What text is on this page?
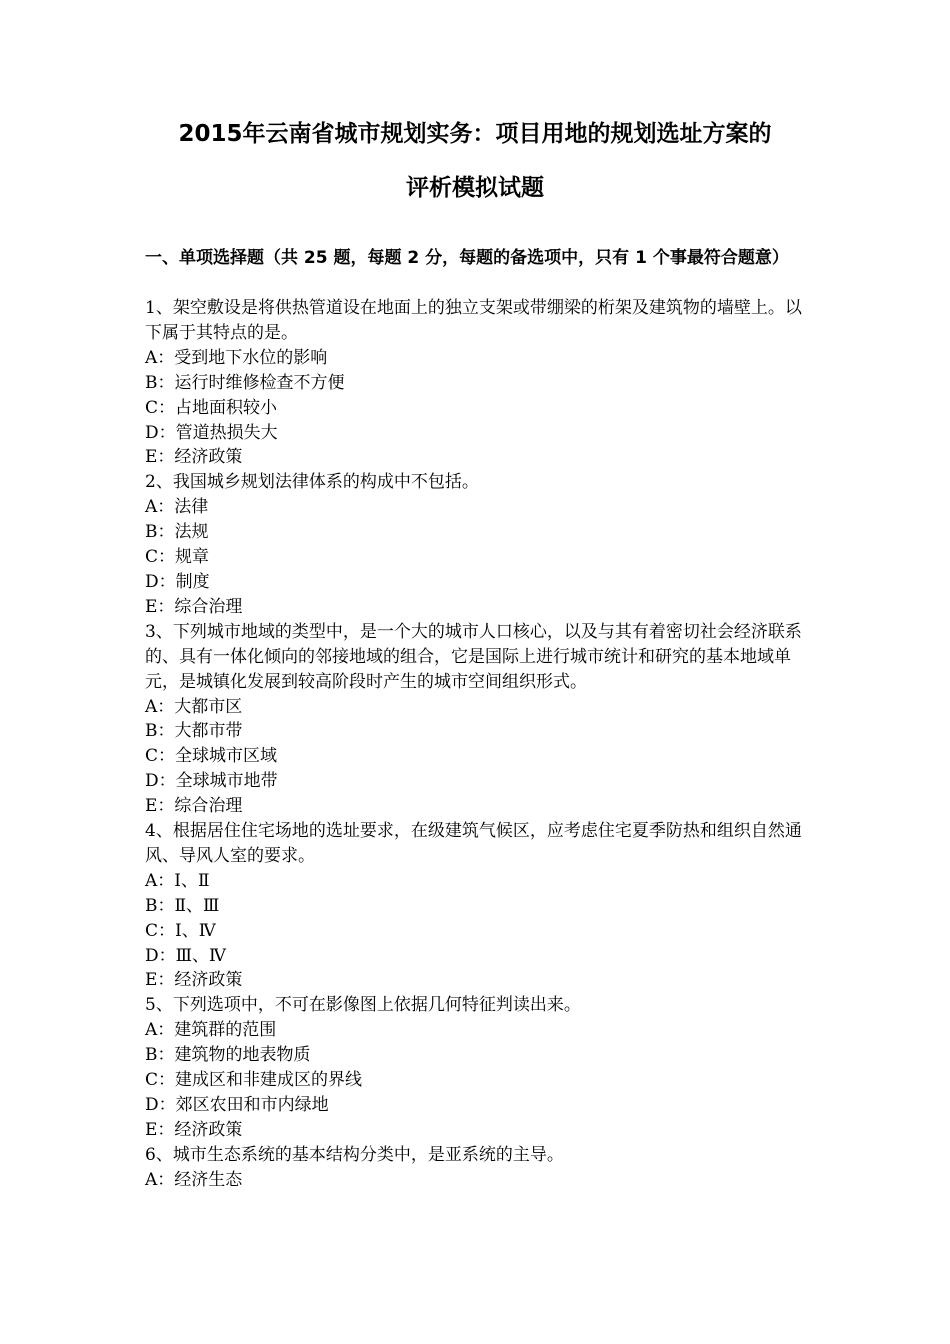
2015年云南省城市规划实务：项目用地的规划选址方案的
评析模拟试题

一、单项选择题（共 25 题，每题 2 分，每题的备选项中，只有 1 个事最符合题意）

1、架空敷设是将供热管道设在地面上的独立支架或带绷梁的桁架及建筑物的墙壁上。以下属于其特点的是。

A：受到地下水位的影响

B：运行时维修检查不方便

C：占地面积较小

D：管道热损失大

E：经济政策

2、我国城乡规划法律体系的构成中不包括。

A：法律

B：法规

C：规章

D：制度

E：综合治理

3、下列城市地域的类型中，是一个大的城市人口核心，以及与其有着密切社会经济联系的、具有一体化倾向的邻接地域的组合，它是国际上进行城市统计和研究的基本地域单元，是城镇化发展到较高阶段时产生的城市空间组织形式。

A：大都市区

B：大都市带

C：全球城市区域

D：全球城市地带

E：综合治理

4、根据居住住宅场地的选址要求，在级建筑气候区，应考虑住宅夏季防热和组织自然通风、导风人室的要求。

A：Ⅰ、Ⅱ

B：Ⅱ、Ⅲ

C：Ⅰ、Ⅳ

D：Ⅲ、Ⅳ

E：经济政策

5、下列选项中，不可在影像图上依据几何特征判读出来。

A：建筑群的范围

B：建筑物的地表物质

C：建成区和非建成区的界线

D：郊区农田和市内绿地

E：经济政策

6、城市生态系统的基本结构分类中，是亚系统的主导。

A：经济生态
